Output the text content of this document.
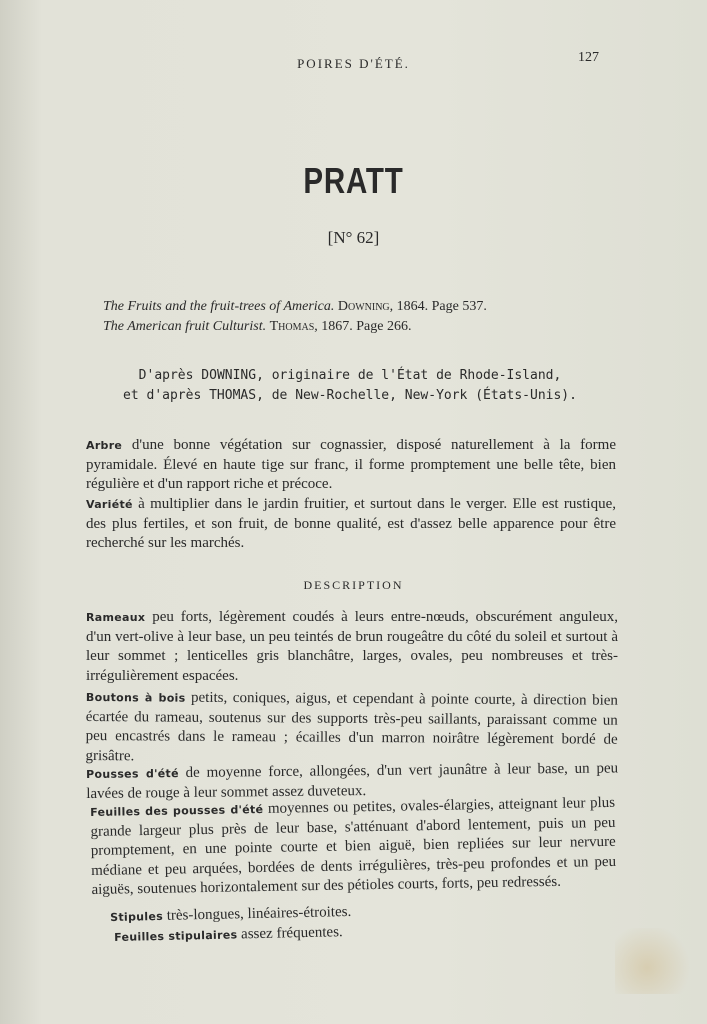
POIRES D'ÉTÉ.	127
PRATT
[N° 62]
The Fruits and the fruit-trees of America. Downing, 1864. Page 537.
The American fruit Culturist. Thomas, 1867. Page 266.
D'après DOWNING, originaire de l'État de Rhode-Island,
et d'après THOMAS, de New-Rochelle, New-York (États-Unis).
Arbre d'une bonne végétation sur cognassier, disposé naturellement à la forme pyramidale. Élevé en haute tige sur franc, il forme promptement une belle tête, bien régulière et d'un rapport riche et précoce.
Variété à multiplier dans le jardin fruitier, et surtout dans le verger. Elle est rustique, des plus fertiles, et son fruit, de bonne qualité, est d'assez belle apparence pour être recherché sur les marchés.
DESCRIPTION
Rameaux peu forts, légèrement coudés à leurs entre-nœuds, obscurément anguleux, d'un vert-olive à leur base, un peu teintés de brun rougeâtre du côté du soleil et surtout à leur sommet ; lenticelles gris blanchâtre, larges, ovales, peu nombreuses et très-irrégulièrement espacées.
Boutons à bois petits, coniques, aigus, et cependant à pointe courte, à direction bien écartée du rameau, soutenus sur des supports très-peu saillants, paraissant comme un peu encastrés dans le rameau ; écailles d'un marron noirâtre légèrement bordé de grisâtre.
Pousses d'été de moyenne force, allongées, d'un vert jaunâtre à leur base, un peu lavées de rouge à leur sommet assez duveteux.
Feuilles des pousses d'été moyennes ou petites, ovales-élargies, atteignant leur plus grande largeur plus près de leur base, s'atténuant d'abord lentement, puis un peu promptement, en une pointe courte et bien aiguë, bien repliées sur leur nervure médiane et peu arquées, bordées de dents irrégulières, très-peu profondes et un peu aiguës, soutenues horizontalement sur des pétioles courts, forts, peu redressés.
Stipules très-longues, linéaires-étroites.
Feuilles stipulaires assez fréquentes.
